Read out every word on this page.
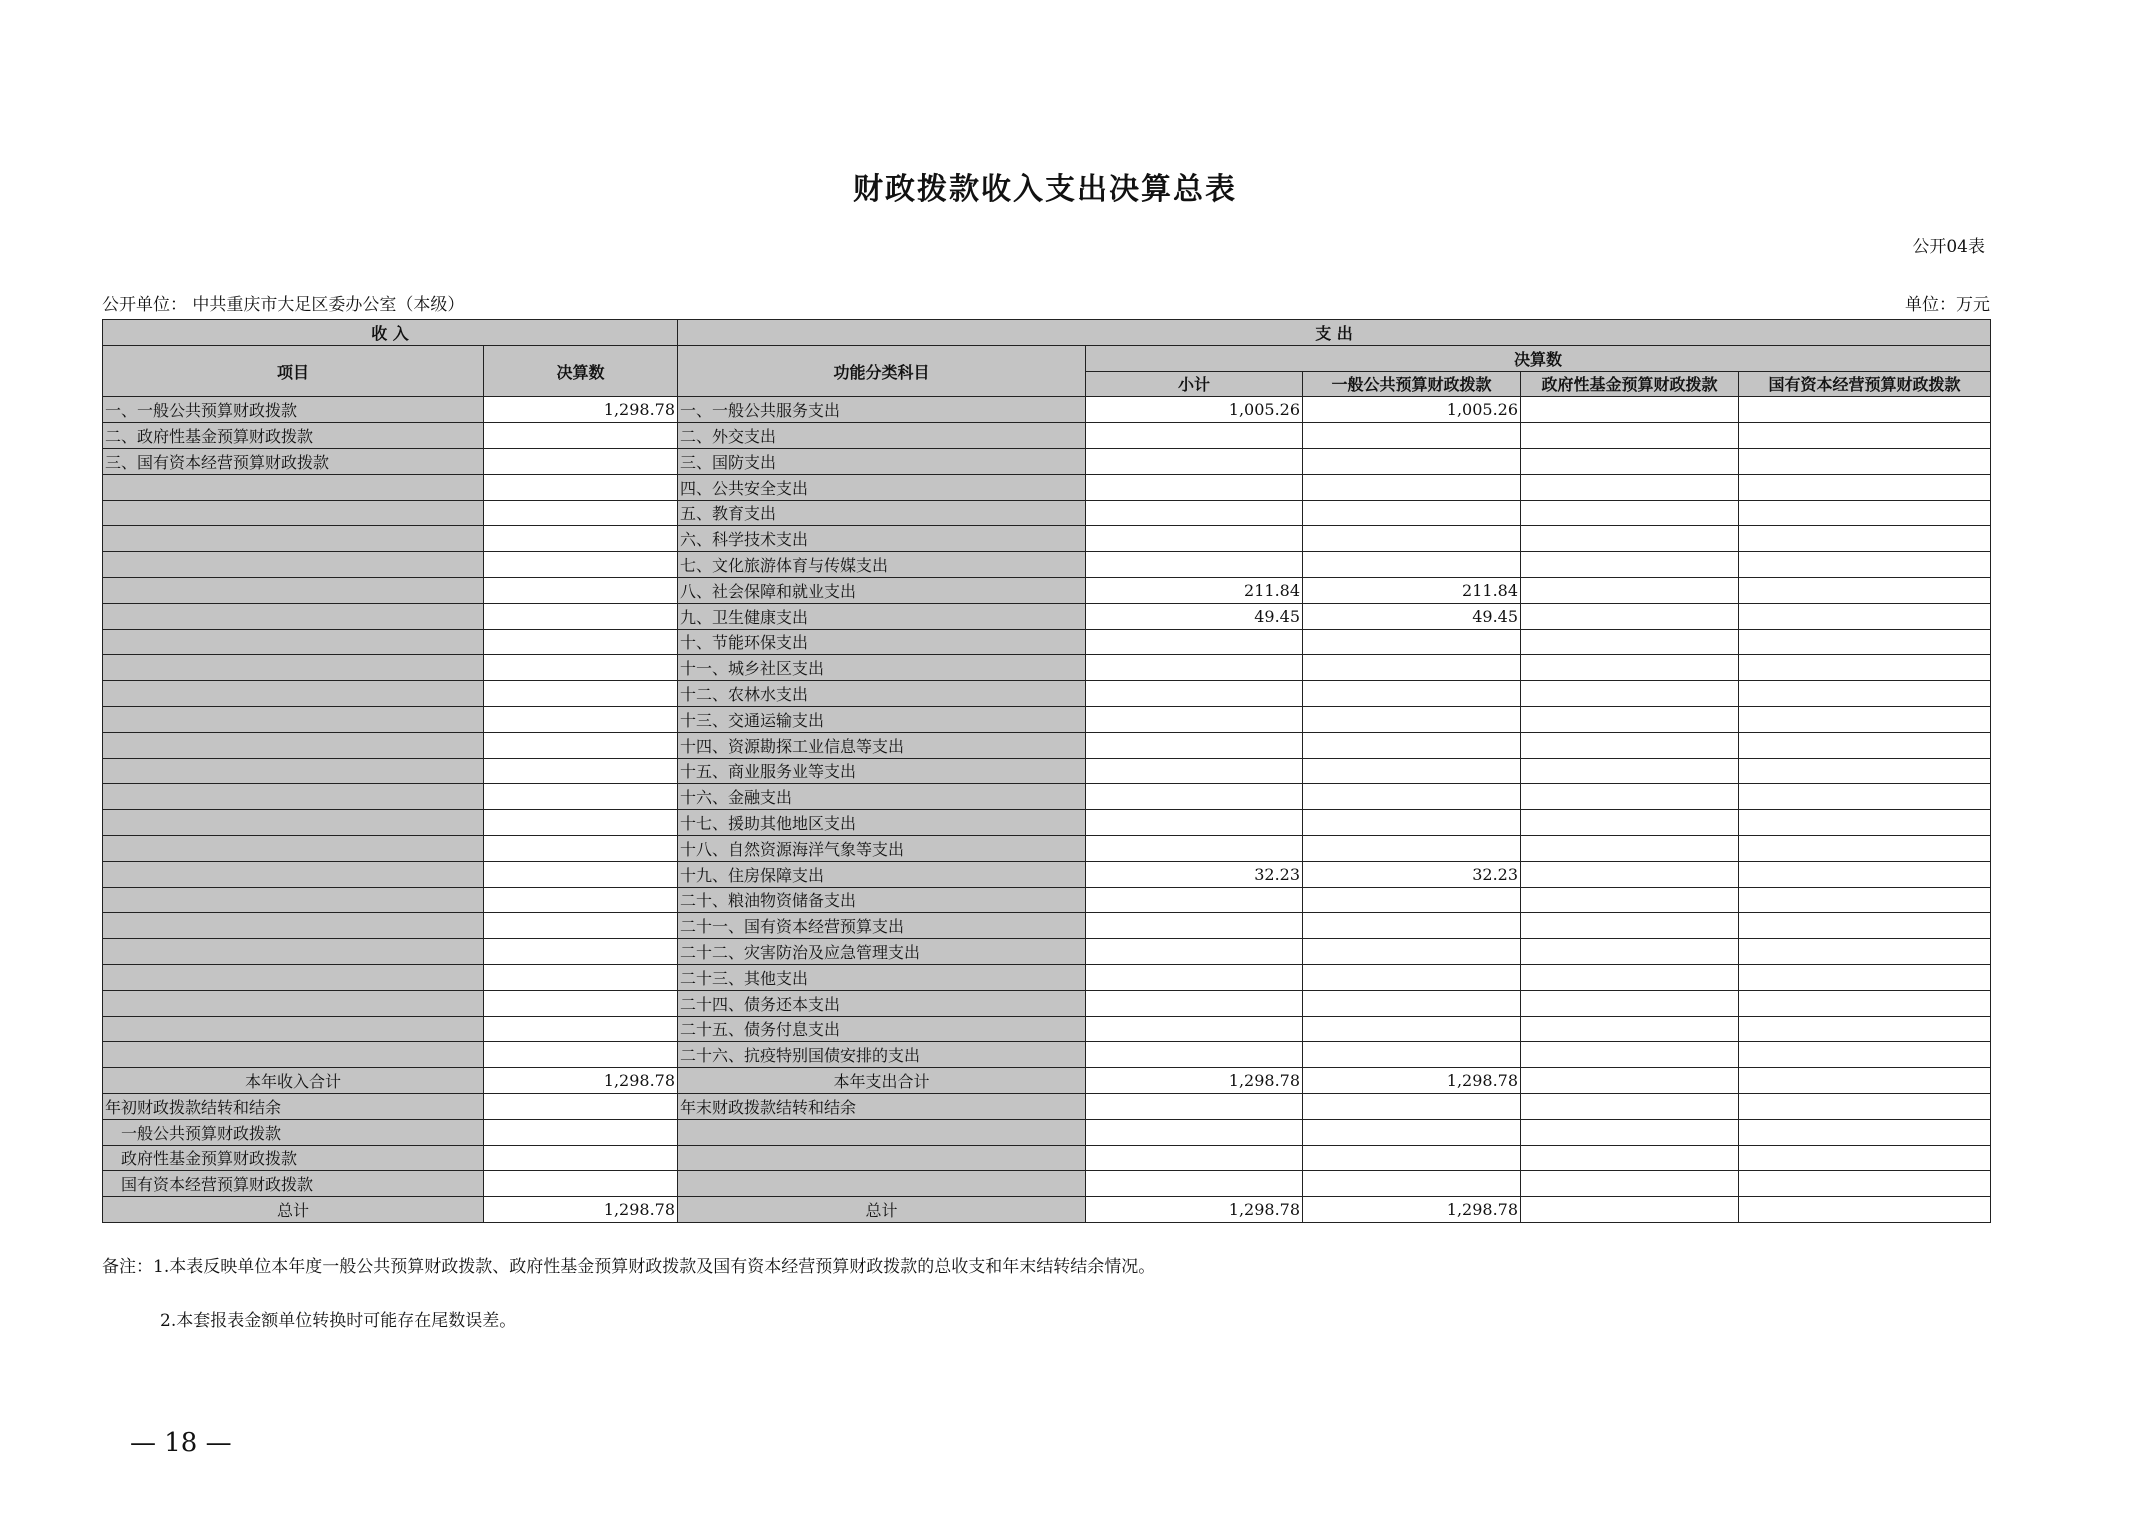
财政拨款收入支出决算总表
公开04表
公开单位： 中共重庆市大足区委办公室（本级）	单位：万元
收 入		支 出				
项目	决算数	功能分类科目	决算数			
			小计	一般公共预算财政拨款	政府性基金预算财政拨款	国有资本经营预算财政拨款
一、一般公共预算财政拨款	1,298.78	一、一般公共服务支出	1,005.26	1,005.26		
二、政府性基金预算财政拨款		二、外交支出				
三、国有资本经营预算财政拨款		三、国防支出				
		四、公共安全支出				
		五、教育支出				
		六、科学技术支出				
		七、文化旅游体育与传媒支出				
		八、社会保障和就业支出	211.84	211.84		
		九、卫生健康支出	49.45	49.45		
		十、节能环保支出				
		十一、城乡社区支出				
		十二、农林水支出				
		十三、交通运输支出				
		十四、资源勘探工业信息等支出				
		十五、商业服务业等支出				
		十六、金融支出				
		十七、援助其他地区支出				
		十八、自然资源海洋气象等支出				
		十九、住房保障支出	32.23	32.23		
		二十、粮油物资储备支出				
		二十一、国有资本经营预算支出				
		二十二、灾害防治及应急管理支出				
		二十三、其他支出				
		二十四、债务还本支出				
		二十五、债务付息支出				
		二十六、抗疫特别国债安排的支出				
本年收入合计	1,298.78	本年支出合计	1,298.78	1,298.78		
年初财政拨款结转和结余		年末财政拨款结转和结余				
一般公共预算财政拨款						
政府性基金预算财政拨款						
国有资本经营预算财政拨款						
总计	1,298.78	总计	1,298.78	1,298.78		
备注：1.本表反映单位本年度一般公共预算财政拨款、政府性基金预算财政拨款及国有资本经营预算财政拨款的总收支和年末结转结余情况。
2.本套报表金额单位转换时可能存在尾数误差。
— 18 —
